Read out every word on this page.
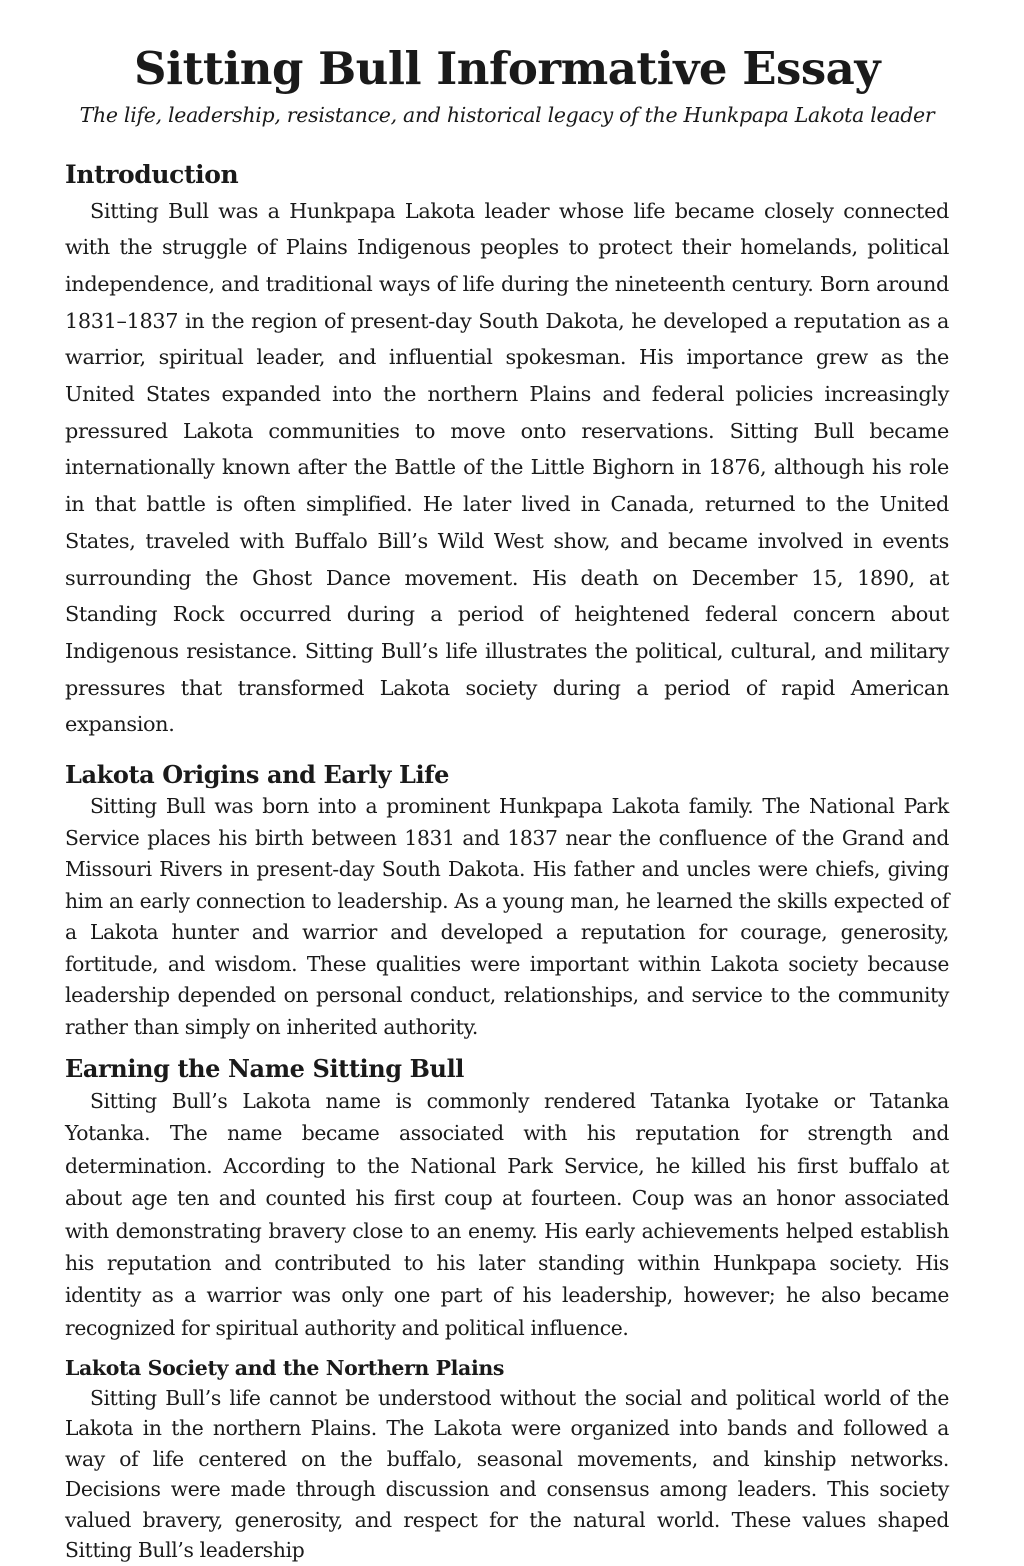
Sitting Bull Informative Essay
The life, leadership, resistance, and historical legacy of the Hunkpapa Lakota leader
Introduction

Sitting Bull was a Hunkpapa Lakota leader whose life became closely connected with the struggle of Plains Indigenous peoples to protect their homelands, political independence, and traditional ways of life during the nineteenth century. Born around 1831–1837 in the region of present-day South Dakota, he developed a reputation as a warrior, spiritual leader, and influential spokesman. His importance grew as the United States expanded into the northern Plains and federal policies increasingly pressured Lakota communities to move onto reservations. Sitting Bull became internationally known after the Battle of the Little Bighorn in 1876, although his role in that battle is often simplified. He later lived in Canada, returned to the United States, traveled with Buffalo Bill’s Wild West show, and became involved in events surrounding the Ghost Dance movement. His death on December 15, 1890, at Standing Rock occurred during a period of heightened federal concern about Indigenous resistance. Sitting Bull’s life illustrates the political, cultural, and military pressures that transformed Lakota society during a period of rapid American expansion.

Lakota Origins and Early Life

Sitting Bull was born into a prominent Hunkpapa Lakota family. The National Park Service places his birth between 1831 and 1837 near the confluence of the Grand and Missouri Rivers in present-day South Dakota. His father and uncles were chiefs, giving him an early connection to leadership. As a young man, he learned the skills expected of a Lakota hunter and warrior and developed a reputation for courage, generosity, fortitude, and wisdom. These qualities were important within Lakota society because leadership depended on personal conduct, relationships, and service to the community rather than simply on inherited authority.

Earning the Name Sitting Bull

Sitting Bull’s Lakota name is commonly rendered Tatanka Iyotake or Tatanka Yotanka. The name became associated with his reputation for strength and determination. According to the National Park Service, he killed his first buffalo at about age ten and counted his first coup at fourteen. Coup was an honor associated with demonstrating bravery close to an enemy. His early achievements helped establish his reputation and contributed to his later standing within Hunkpapa society. His identity as a warrior was only one part of his leadership, however; he also became recognized for spiritual authority and political influence.

Lakota Society and the Northern Plains

Sitting Bull’s life cannot be understood without the social and political world of the Lakota in the northern Plains. The Lakota were organized into bands and followed a way of life centered on the buffalo, seasonal movements, and kinship networks. Decisions were made through discussion and consensus among leaders. This society valued bravery, generosity, and respect for the natural world. These values shaped Sitting Bull’s leadership
